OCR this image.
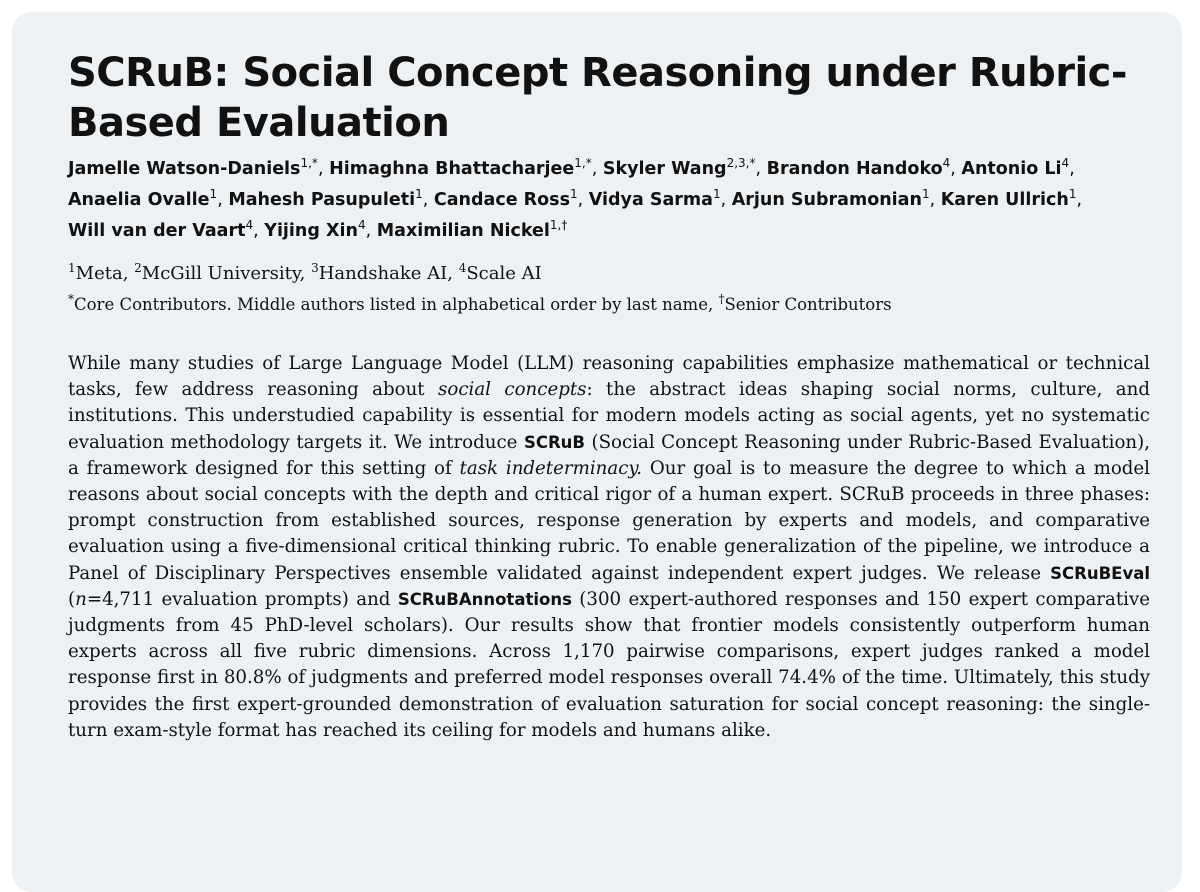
SCRuB: Social Concept Reasoning under Rubric-Based Evaluation
Jamelle Watson-Daniels$^{1,*}$, Himaghna Bhattacharjee$^{1,*}$, Skyler Wang$^{2,3,*}$, Brandon Handoko$^4$, Antonio Li$^4$, Anaelia Ovalle$^1$, Mahesh Pasupuleti$^1$, Candace Ross$^1$, Vidya Sarma$^1$, Arjun Subramonian$^1$, Karen Ullrich$^1$, Will van der Vaart$^4$, Yijing Xin$^4$, Maximilian Nickel$^{1,\dagger}$
$^1$Meta, $^2$McGill University, $^3$Handshake AI, $^4$Scale AI
*Core Contributors. Middle authors listed in alphabetical order by last name, †Senior Contributors
While many studies of Large Language Model (LLM) reasoning capabilities emphasize mathematical or technical tasks, few address reasoning about social concepts: the abstract ideas shaping social norms, culture, and institutions. This understudied capability is essential for modern models acting as social agents, yet no systematic evaluation methodology targets it. We introduce SCRuB (Social Concept Reasoning under Rubric-Based Evaluation), a framework designed for this setting of task indeterminacy. Our goal is to measure the degree to which a model reasons about social concepts with the depth and critical rigor of a human expert. SCRuB proceeds in three phases: prompt construction from established sources, response generation by experts and models, and comparative evaluation using a five-dimensional critical thinking rubric. To enable generalization of the pipeline, we introduce a Panel of Disciplinary Perspectives ensemble validated against independent expert judges. We release SCRuBEval (n=4,711 evaluation prompts) and SCRuBAnnotations (300 expert-authored responses and 150 expert comparative judgments from 45 PhD-level scholars). Our results show that frontier models consistently outperform human experts across all five rubric dimensions. Across 1,170 pairwise comparisons, expert judges ranked a model response first in 80.8% of judgments and preferred model responses overall 74.4% of the time. Ultimately, this study provides the first expert-grounded demonstration of evaluation saturation for social concept reasoning: the single-turn exam-style format has reached its ceiling for models and humans alike.
